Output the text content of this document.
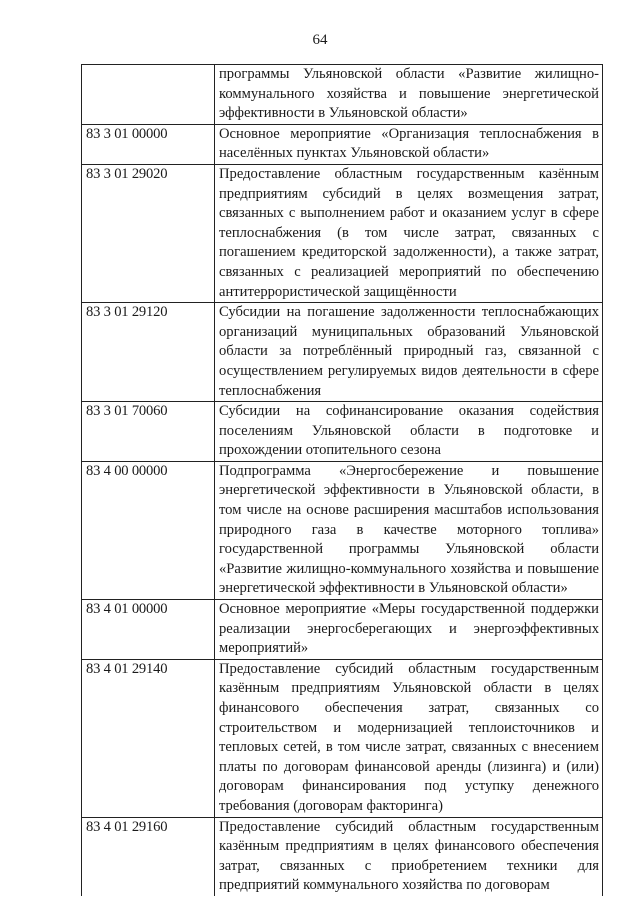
64
	программы Ульяновской области «Развитие жилищно-коммунального хозяйства и повышение энергетической эффективности в Ульяновской области»
83 3 01 00000	Основное мероприятие «Организация теплоснабжения в населённых пунктах Ульяновской области»
83 3 01 29020	Предоставление областным государственным казённым предприятиям субсидий в целях возмещения затрат, связанных с выполнением работ и оказанием услуг в сфере теплоснабжения (в том числе затрат, связанных с погашением кредиторской задолженности), а также затрат, связанных с реализацией мероприятий по обеспечению антитеррористической защищённости
83 3 01 29120	Субсидии на погашение задолженности теплоснабжающих организаций муниципальных образований Ульяновской области за потреблённый природный газ, связанной с осуществлением регулируемых видов деятельности в сфере теплоснабжения
83 3 01 70060	Субсидии на софинансирование оказания содействия поселениям Ульяновской области в подготовке и прохождении отопительного сезона
83 4 00 00000	Подпрограмма «Энергосбережение и повышение энергетической эффективности в Ульяновской области, в том числе на основе расширения масштабов использования природного газа в качестве моторного топлива» государственной программы Ульяновской области «Развитие жилищно-коммунального хозяйства и повышение энергетической эффективности в Ульяновской области»
83 4 01 00000	Основное мероприятие «Меры государственной поддержки реализации энергосберегающих и энергоэффективных мероприятий»
83 4 01 29140	Предоставление субсидий областным государственным казённым предприятиям Ульяновской области в целях финансового обеспечения затрат, связанных со строительством и модернизацией теплоисточников и тепловых сетей, в том числе затрат, связанных с внесением платы по договорам финансовой аренды (лизинга) и (или) договорам финансирования под уступку денежного требования (договорам факторинга)
83 4 01 29160	Предоставление субсидий областным государственным казённым предприятиям в целях финансового обеспечения затрат, связанных с приобретением техники для предприятий коммунального хозяйства по договорам
